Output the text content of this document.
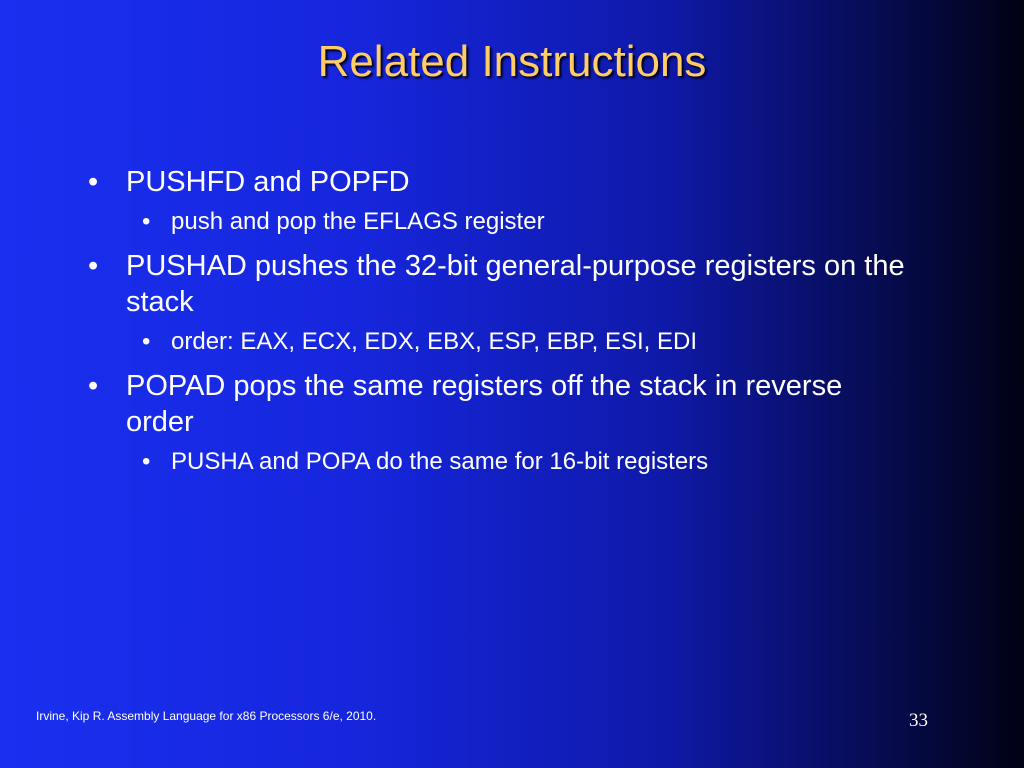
Related Instructions
• PUSHFD and POPFD
• push and pop the EFLAGS register
• PUSHAD pushes the 32-bit general-purpose registers on the stack
• order: EAX, ECX, EDX, EBX, ESP, EBP, ESI, EDI
• POPAD pops the same registers off the stack in reverse order
• PUSHA and POPA do the same for 16-bit registers
Irvine, Kip R. Assembly Language for x86 Processors 6/e, 2010.	33
